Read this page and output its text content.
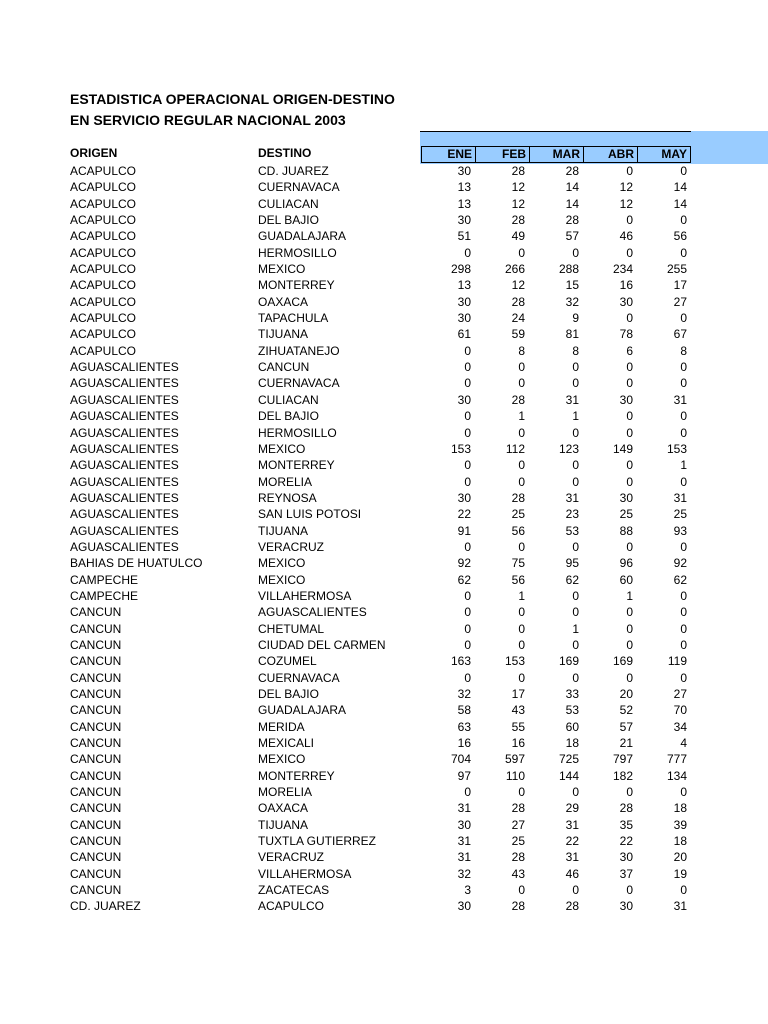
ESTADISTICA OPERACIONAL ORIGEN-DESTINO
EN SERVICIO REGULAR NACIONAL 2003
ORIGEN	DESTINO	ENE	FEB	MAR	ABR	MAY
ACAPULCO	CD. JUAREZ	30	28	28	0	0
ACAPULCO	CUERNAVACA	13	12	14	12	14
ACAPULCO	CULIACAN	13	12	14	12	14
ACAPULCO	DEL BAJIO	30	28	28	0	0
ACAPULCO	GUADALAJARA	51	49	57	46	56
ACAPULCO	HERMOSILLO	0	0	0	0	0
ACAPULCO	MEXICO	298	266	288	234	255
ACAPULCO	MONTERREY	13	12	15	16	17
ACAPULCO	OAXACA	30	28	32	30	27
ACAPULCO	TAPACHULA	30	24	9	0	0
ACAPULCO	TIJUANA	61	59	81	78	67
ACAPULCO	ZIHUATANEJO	0	8	8	6	8
AGUASCALIENTES	CANCUN	0	0	0	0	0
AGUASCALIENTES	CUERNAVACA	0	0	0	0	0
AGUASCALIENTES	CULIACAN	30	28	31	30	31
AGUASCALIENTES	DEL BAJIO	0	1	1	0	0
AGUASCALIENTES	HERMOSILLO	0	0	0	0	0
AGUASCALIENTES	MEXICO	153	112	123	149	153
AGUASCALIENTES	MONTERREY	0	0	0	0	1
AGUASCALIENTES	MORELIA	0	0	0	0	0
AGUASCALIENTES	REYNOSA	30	28	31	30	31
AGUASCALIENTES	SAN LUIS POTOSI	22	25	23	25	25
AGUASCALIENTES	TIJUANA	91	56	53	88	93
AGUASCALIENTES	VERACRUZ	0	0	0	0	0
BAHIAS DE HUATULCO	MEXICO	92	75	95	96	92
CAMPECHE	MEXICO	62	56	62	60	62
CAMPECHE	VILLAHERMOSA	0	1	0	1	0
CANCUN	AGUASCALIENTES	0	0	0	0	0
CANCUN	CHETUMAL	0	0	1	0	0
CANCUN	CIUDAD DEL CARMEN	0	0	0	0	0
CANCUN	COZUMEL	163	153	169	169	119
CANCUN	CUERNAVACA	0	0	0	0	0
CANCUN	DEL BAJIO	32	17	33	20	27
CANCUN	GUADALAJARA	58	43	53	52	70
CANCUN	MERIDA	63	55	60	57	34
CANCUN	MEXICALI	16	16	18	21	4
CANCUN	MEXICO	704	597	725	797	777
CANCUN	MONTERREY	97	110	144	182	134
CANCUN	MORELIA	0	0	0	0	0
CANCUN	OAXACA	31	28	29	28	18
CANCUN	TIJUANA	30	27	31	35	39
CANCUN	TUXTLA GUTIERREZ	31	25	22	22	18
CANCUN	VERACRUZ	31	28	31	30	20
CANCUN	VILLAHERMOSA	32	43	46	37	19
CANCUN	ZACATECAS	3	0	0	0	0
CD. JUAREZ	ACAPULCO	30	28	28	30	31
